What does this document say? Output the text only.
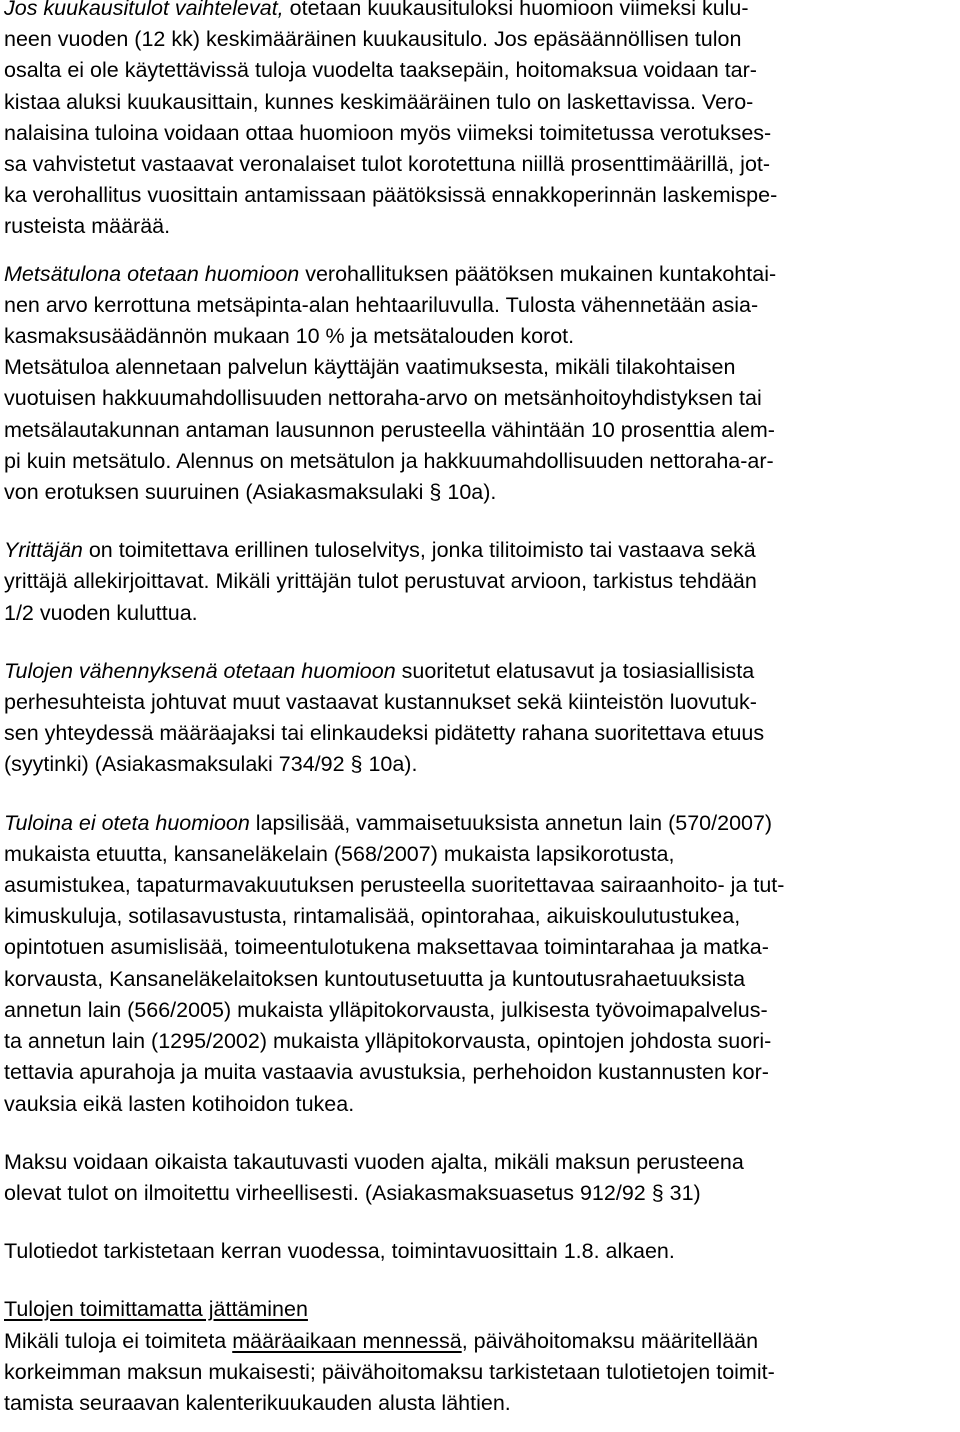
Jos kuukausitulot vaihtelevat, otetaan kuukausituloksi huomioon viimeksi kulu-
neen vuoden (12 kk) keskimääräinen kuukausitulo. Jos epäsäännöllisen tulon
osalta ei ole käytettävissä tuloja vuodelta taaksepäin, hoitomaksua voidaan tar-
kistaa aluksi kuukausittain, kunnes keskimääräinen tulo on laskettavissa. Vero-
nalaisina tuloina voidaan ottaa huomioon myös viimeksi toimitetussa verotukses-
sa vahvistetut vastaavat veronalaiset tulot korotettuna niillä prosenttimäärillä, jot-
ka verohallitus vuosittain antamissaan päätöksissä ennakkoperinnän laskemispe-
rusteista määrää.

Metsätulona otetaan huomioon verohallituksen päätöksen mukainen kuntakohtai-
nen arvo kerrottuna metsäpinta-alan hehtaariluvulla. Tulosta vähennetään asia-
kasmaksusäädännön mukaan 10 % ja metsätalouden korot.

Metsätuloa alennetaan palvelun käyttäjän vaatimuksesta, mikäli tilakohtaisen
vuotuisen hakkuumahdollisuuden nettoraha-arvo on metsänhoitoyhdistyksen tai
metsälautakunnan antaman lausunnon perusteella vähintään 10 prosenttia alem-
pi kuin metsätulo. Alennus on metsätulon ja hakkuumahdollisuuden nettoraha-ar-
von erotuksen suuruinen (Asiakasmaksulaki § 10a).

Yrittäjän on toimitettava erillinen tuloselvitys, jonka tilitoimisto tai vastaava sekä
yrittäjä allekirjoittavat. Mikäli yrittäjän tulot perustuvat arvioon, tarkistus tehdään
1/2 vuoden kuluttua.

Tulojen vähennyksenä otetaan huomioon suoritetut elatusavut ja tosiasiallisista
perhesuhteista johtuvat muut vastaavat kustannukset sekä kiinteistön luovutuk-
sen yhteydessä määräajaksi tai elinkaudeksi pidätetty rahana suoritettava etuus
(syytinki) (Asiakasmaksulaki 734/92 § 10a).

Tuloina ei oteta huomioon lapsilisää, vammaisetuuksista annetun lain (570/2007)
mukaista etuutta, kansaneläkelain (568/2007) mukaista lapsikorotusta,
asumistukea, tapaturmavakuutuksen perusteella suoritettavaa sairaanhoito- ja tut-
kimuskuluja, sotilasavustusta, rintamalisää, opintorahaa, aikuiskoulutustukea,
opintotuen asumislisää, toimeentulotukena maksettavaa toimintarahaa ja matka-
korvausta, Kansaneläkelaitoksen kuntoutusetuutta ja kuntoutusrahaetuuksista
annetun lain (566/2005) mukaista ylläpitokorvausta, julkisesta työvoimapalvelus-
ta annetun lain (1295/2002) mukaista ylläpitokorvausta, opintojen johdosta suori-
tettavia apurahoja ja muita vastaavia avustuksia, perhehoidon kustannusten kor-
vauksia eikä lasten kotihoidon tukea.

Maksu voidaan oikaista takautuvasti vuoden ajalta, mikäli maksun perusteena
olevat tulot on ilmoitettu virheellisesti. (Asiakasmaksuasetus 912/92 § 31)

Tulotiedot tarkistetaan kerran vuodessa, toimintavuosittain 1.8. alkaen.

Tulojen toimittamatta jättäminen

Mikäli tuloja ei toimiteta määräaikaan mennessä, päivähoitomaksu määritellään
korkeimman maksun mukaisesti; päivähoitomaksu tarkistetaan tulotietojen toimit-
tamista seuraavan kalenterikuukauden alusta lähtien.
